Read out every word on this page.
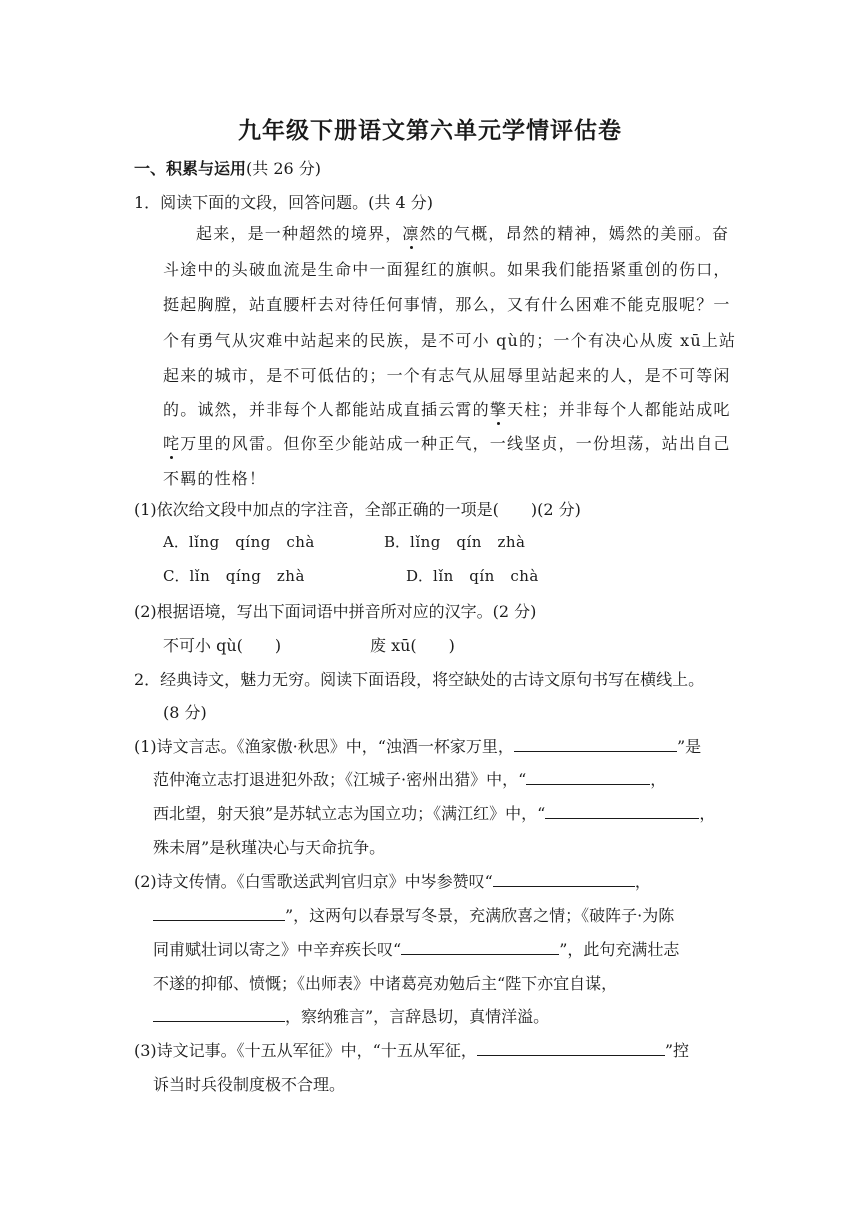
九年级下册语文第六单元学情评估卷
一、积累与运用(共 26 分)
1．阅读下面的文段，回答问题。(共 4 分)
起来，是一种超然的境界，凛然的气概，昂然的精神，嫣然的美丽。奋
斗途中的头破血流是生命中一面猩红的旗帜。如果我们能捂紧重创的伤口，
挺起胸膛，站直腰杆去对待任何事情，那么，又有什么困难不能克服呢？一
个有勇气从灾难中站起来的民族，是不可小 qù的；一个有决心从废 xū上站
起来的城市，是不可低估的；一个有志气从屈辱里站起来的人，是不可等闲
的。诚然，并非每个人都能站成直插云霄的擎天柱；并非每个人都能站成叱
咤万里的风雷。但你至少能站成一种正气，一线坚贞，一份坦荡，站出自己
不羁的性格！
(1)依次给文段中加点的字注音，全部正确的一项是(　　)(2 分)
A．lǐng　qíng　chà	B．lǐng　qín　zhà
C．lǐn　qíng　zhà	D．lǐn　qín　chà
(2)根据语境，写出下面词语中拼音所对应的汉字。(2 分)
不可小 qù(　　)	废 xū(　　)
2．经典诗文，魅力无穷。阅读下面语段，将空缺处的古诗文原句书写在横线上。
(8 分)
(1)诗文言志。《渔家傲·秋思》中，“浊酒一杯家万里，	”是
范仲淹立志打退进犯外敌；《江城子·密州出猎》中，“	，
西北望，射天狼”是苏轼立志为国立功；《满江红》中，“	，
殊未屑”是秋瑾决心与天命抗争。
(2)诗文传情。《白雪歌送武判官归京》中岑参赞叹“	，
”，这两句以春景写冬景，充满欣喜之情；《破阵子·为陈
同甫赋壮词以寄之》中辛弃疾长叹“	”，此句充满壮志
不遂的抑郁、愤慨；《出师表》中诸葛亮劝勉后主“陛下亦宜自谋，
，察纳雅言”，言辞恳切，真情洋溢。
(3)诗文记事。《十五从军征》中，“十五从军征，	”控
诉当时兵役制度极不合理。
